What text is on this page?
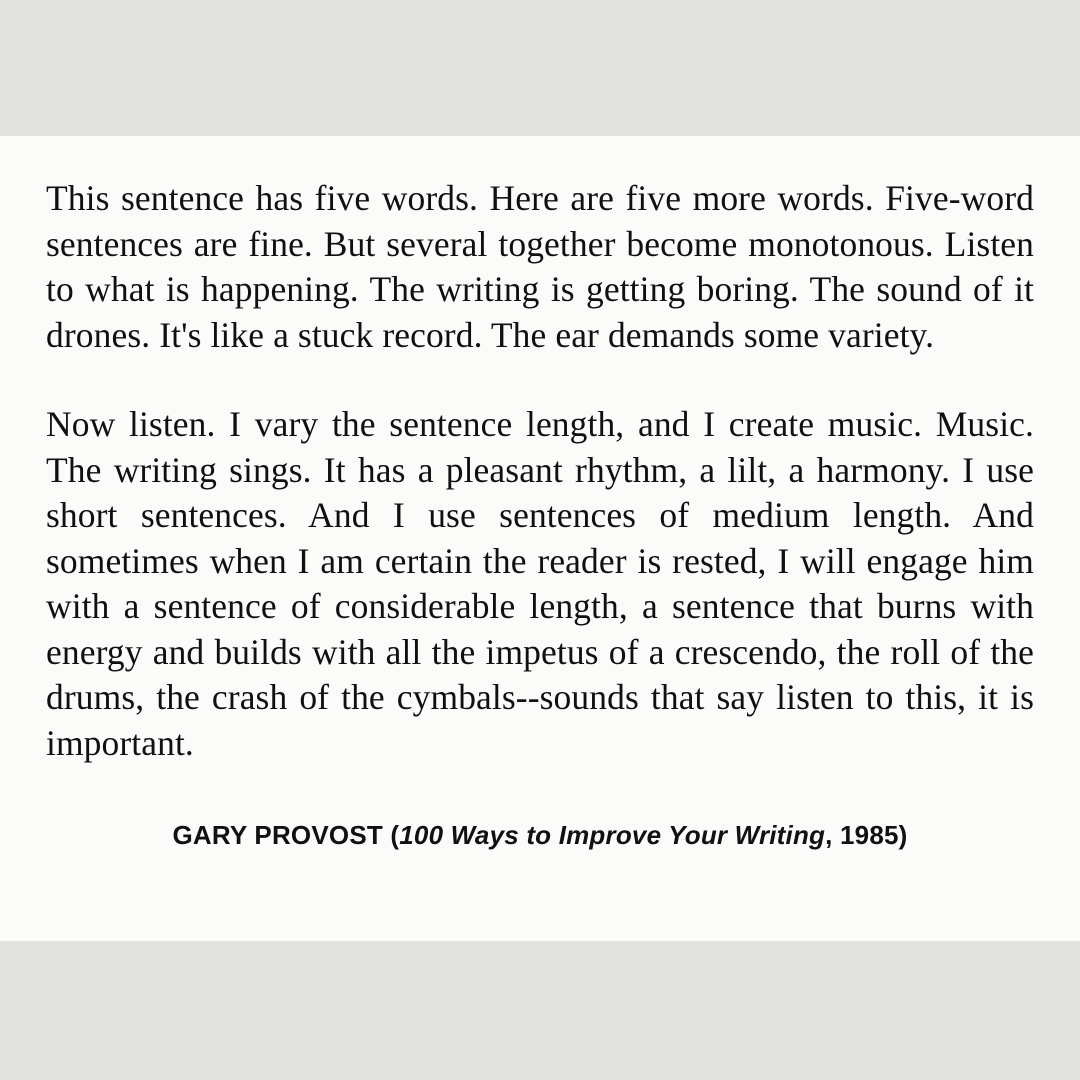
This sentence has five words. Here are five more words. Five-word sentences are fine. But several together become monotonous. Listen to what is happening. The writing is getting boring. The sound of it drones. It's like a stuck record. The ear demands some variety.

Now listen. I vary the sentence length, and I create music. Music. The writing sings. It has a pleasant rhythm, a lilt, a harmony. I use short sentences. And I use sentences of medium length. And sometimes when I am certain the reader is rested, I will engage him with a sentence of considerable length, a sentence that burns with energy and builds with all the impetus of a crescendo, the roll of the drums, the crash of the cymbals--sounds that say listen to this, it is important.

GARY PROVOST (100 Ways to Improve Your Writing, 1985)
